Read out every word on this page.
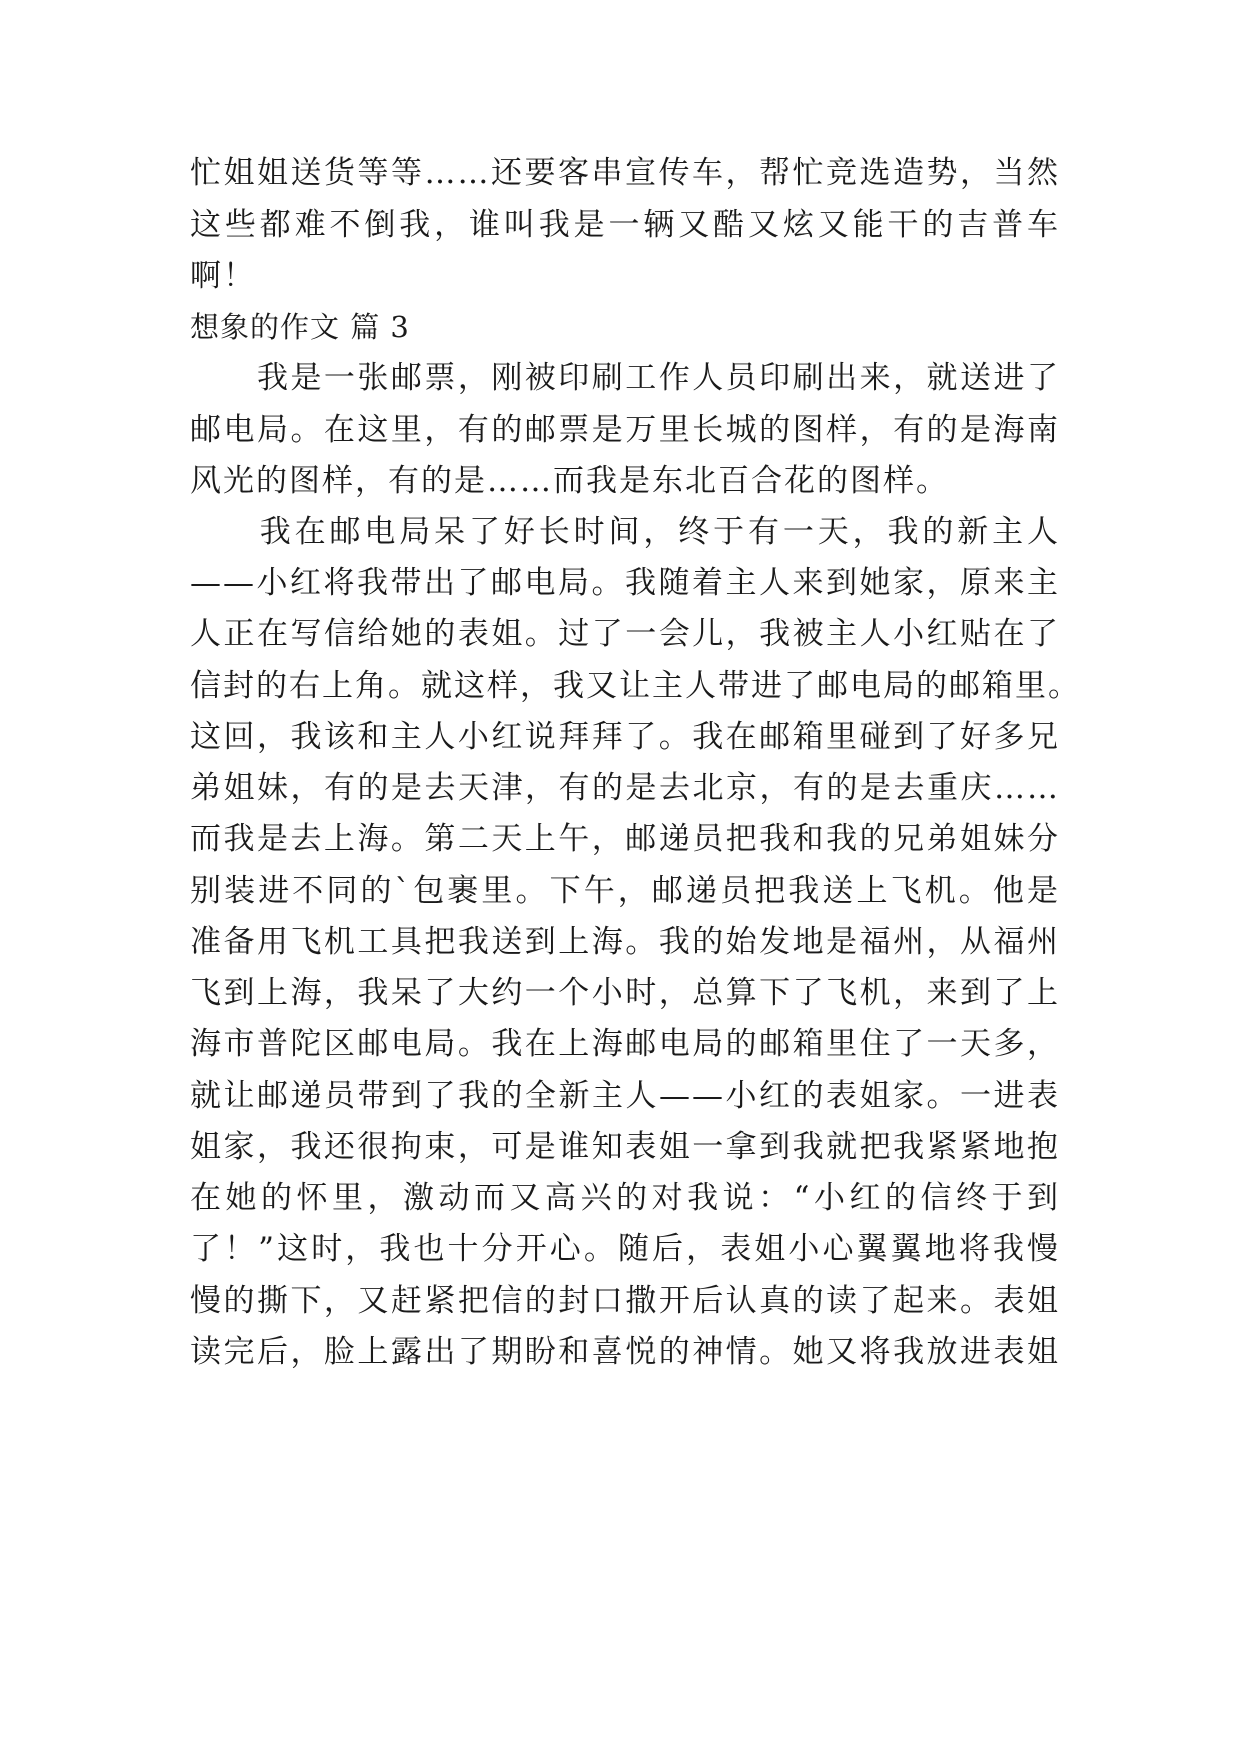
忙姐姐送货等等……还要客串宣传车，帮忙竞选造势，当然
这些都难不倒我，谁叫我是一辆又酷又炫又能干的吉普车
啊！
想象的作文 篇 3
　　我是一张邮票，刚被印刷工作人员印刷出来，就送进了
邮电局。在这里，有的邮票是万里长城的图样，有的是海南
风光的图样，有的是……而我是东北百合花的图样。
　　我在邮电局呆了好长时间，终于有一天，我的新主人
——小红将我带出了邮电局。我随着主人来到她家，原来主
人正在写信给她的表姐。过了一会儿，我被主人小红贴在了
信封的右上角。就这样，我又让主人带进了邮电局的邮箱里。
这回，我该和主人小红说拜拜了。我在邮箱里碰到了好多兄
弟姐妹，有的是去天津，有的是去北京，有的是去重庆……
而我是去上海。第二天上午，邮递员把我和我的兄弟姐妹分
别装进不同的`包裹里。下午，邮递员把我送上飞机。他是
准备用飞机工具把我送到上海。我的始发地是福州，从福州
飞到上海，我呆了大约一个小时，总算下了飞机，来到了上
海市普陀区邮电局。我在上海邮电局的邮箱里住了一天多，
就让邮递员带到了我的全新主人——小红的表姐家。一进表
姐家，我还很拘束，可是谁知表姐一拿到我就把我紧紧地抱
在她的怀里，激动而又高兴的对我说：“小红的信终于到
了！”这时，我也十分开心。随后，表姐小心翼翼地将我慢
慢的撕下，又赶紧把信的封口撒开后认真的读了起来。表姐
读完后，脸上露出了期盼和喜悦的神情。她又将我放进表姐
